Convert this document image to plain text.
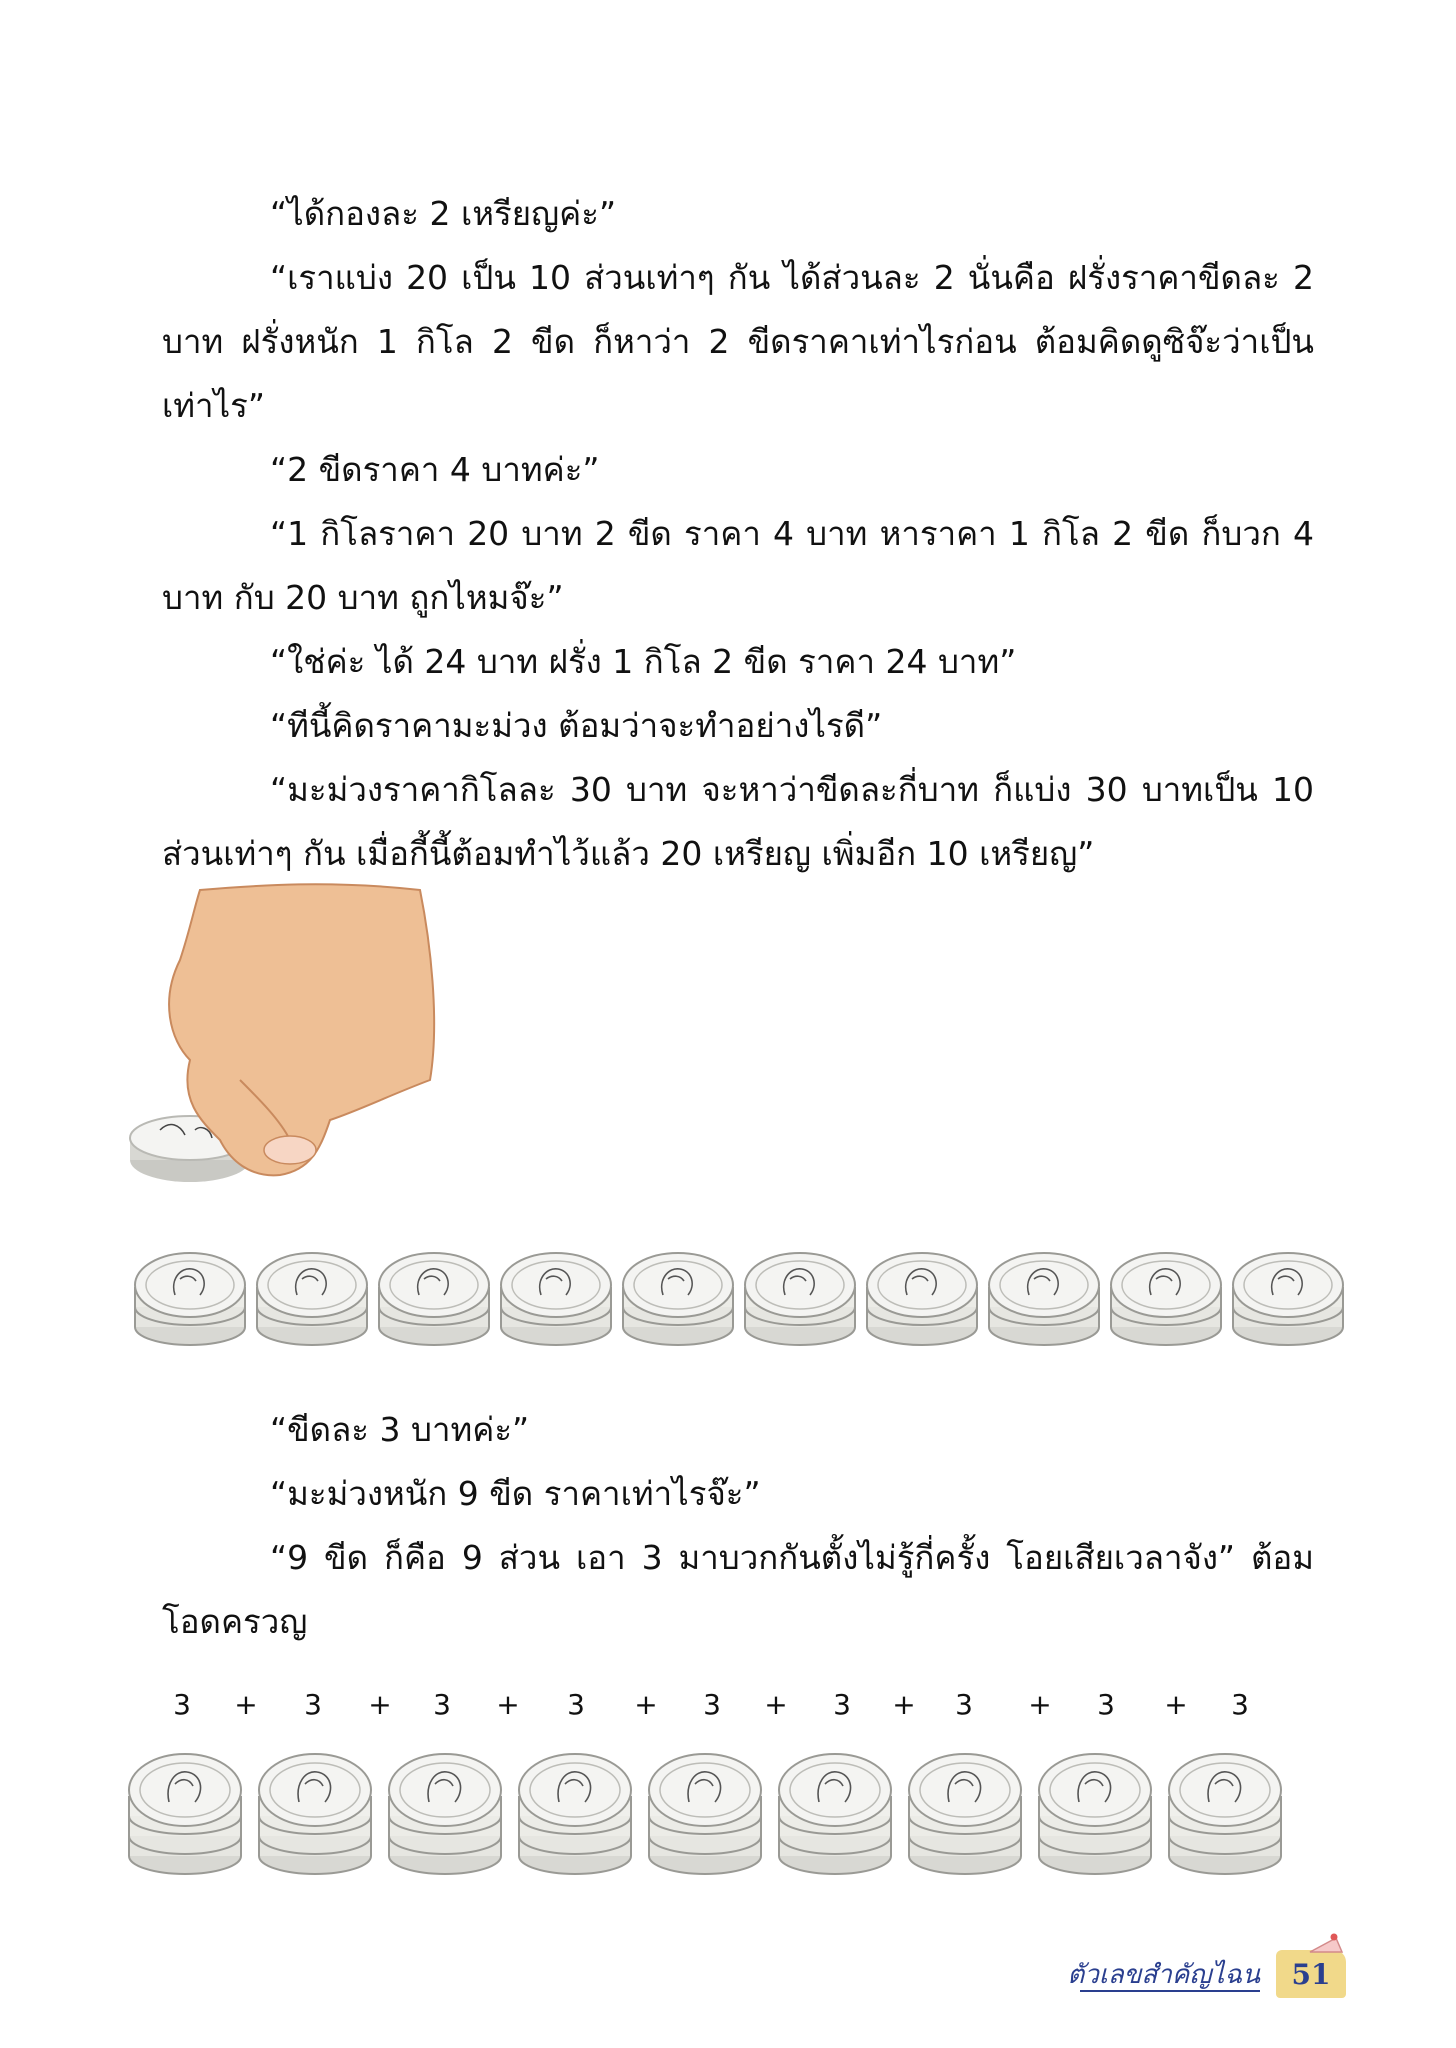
“ได้กองละ 2 เหรียญค่ะ”

“เราแบ่ง 20 เป็น 10 ส่วนเท่าๆ กัน ได้ส่วนละ 2 นั่นคือ ฝรั่งราคาขีดละ 2 บาท ฝรั่งหนัก 1 กิโล 2 ขีด ก็หาว่า 2 ขีดราคาเท่าไรก่อน ต้อมคิดดูซิจ๊ะว่าเป็นเท่าไร”

“2 ขีดราคา 4 บาทค่ะ”

“1 กิโลราคา 20 บาท 2 ขีด ราคา 4 บาท หาราคา 1 กิโล 2 ขีด ก็บวก 4 บาท กับ 20 บาท ถูกไหมจ๊ะ”

“ใช่ค่ะ ได้ 24 บาท ฝรั่ง 1 กิโล 2 ขีด ราคา 24 บาท”

“ทีนี้คิดราคามะม่วง ต้อมว่าจะทำอย่างไรดี”

“มะม่วงราคากิโลละ 30 บาท จะหาว่าขีดละกี่บาท ก็แบ่ง 30 บาทเป็น 10 ส่วนเท่าๆ กัน เมื่อกี้นี้ต้อมทำไว้แล้ว 20 เหรียญ เพิ่มอีก 10 เหรียญ”

“ขีดละ 3 บาทค่ะ”

“มะม่วงหนัก 9 ขีด ราคาเท่าไรจ๊ะ”

“9 ขีด ก็คือ 9 ส่วน เอา 3 มาบวกกันตั้งไม่รู้กี่ครั้ง โอยเสียเวลาจัง” ต้อมโอดครวญ

3 + 3 + 3 + 3 + 3 + 3 + 3 + 3 + 3
ตัวเลขสำคัญไฉน	51
